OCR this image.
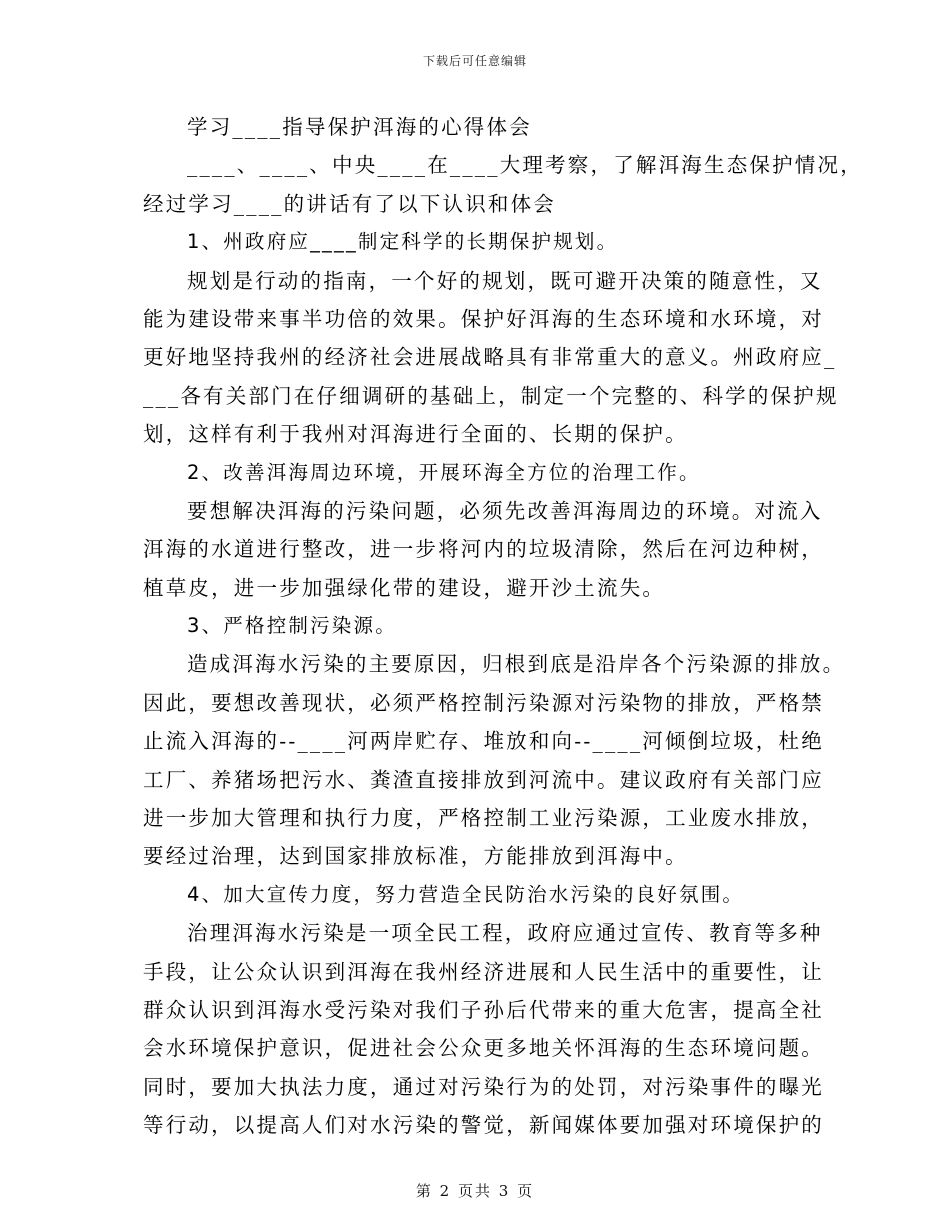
下载后可任意编辑
学习____指导保护洱海的心得体会
____、____、中央____在____大理考察，了解洱海生态保护情况，
经过学习____的讲话有了以下认识和体会
1、州政府应____制定科学的长期保护规划。
规划是行动的指南，一个好的规划，既可避开决策的随意性，又
能为建设带来事半功倍的效果。保护好洱海的生态环境和水环境，对
更好地坚持我州的经济社会进展战略具有非常重大的意义。州政府应_
___各有关部门在仔细调研的基础上，制定一个完整的、科学的保护规
划，这样有利于我州对洱海进行全面的、长期的保护。
2、改善洱海周边环境，开展环海全方位的治理工作。
要想解决洱海的污染问题，必须先改善洱海周边的环境。对流入
洱海的水道进行整改，进一步将河内的垃圾清除，然后在河边种树，
植草皮，进一步加强绿化带的建设，避开沙土流失。
3、严格控制污染源。
造成洱海水污染的主要原因，归根到底是沿岸各个污染源的排放。
因此，要想改善现状，必须严格控制污染源对污染物的排放，严格禁
止流入洱海的--____河两岸贮存、堆放和向--____河倾倒垃圾，杜绝
工厂、养猪场把污水、粪渣直接排放到河流中。建议政府有关部门应
进一步加大管理和执行力度，严格控制工业污染源，工业废水排放，
要经过治理，达到国家排放标准，方能排放到洱海中。
4、加大宣传力度，努力营造全民防治水污染的良好氛围。
治理洱海水污染是一项全民工程，政府应通过宣传、教育等多种
手段，让公众认识到洱海在我州经济进展和人民生活中的重要性，让
群众认识到洱海水受污染对我们子孙后代带来的重大危害，提高全社
会水环境保护意识，促进社会公众更多地关怀洱海的生态环境问题。
同时，要加大执法力度，通过对污染行为的处罚，对污染事件的曝光
等行动，以提高人们对水污染的警觉，新闻媒体要加强对环境保护的
第 2 页共 3 页
